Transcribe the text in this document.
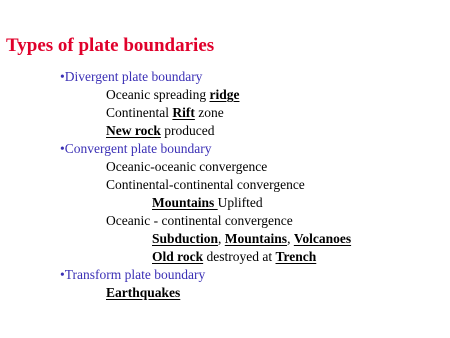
Types of plate boundaries

•Divergent plate boundary

Oceanic spreading ridge

Continental Rift zone

New rock produced

•Convergent plate boundary

Oceanic-oceanic convergence

Continental-continental convergence

Mountains Uplifted

Oceanic - continental convergence

Subduction, Mountains, Volcanoes

Old rock destroyed at Trench

•Transform plate boundary

Earthquakes
